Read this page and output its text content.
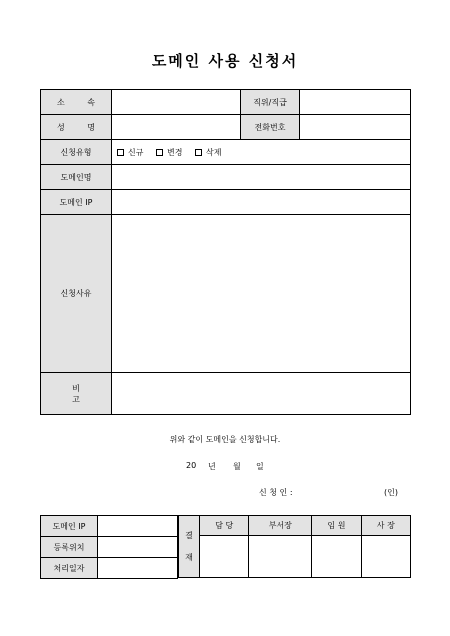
도메인 사용 신청서
소 속		직위/직급	
성 명		전화번호	
신청유형	신규 변경 삭제		
도메인명			
도메인 IP			
신청사유			
비 고			
위와 같이 도메인을 신청합니다.
20 년 월 일
신 청 인 :	(인)
도메인 IP	
등록위치	
처리일자	
결
재	담 당	부서장	임 원	사 장
